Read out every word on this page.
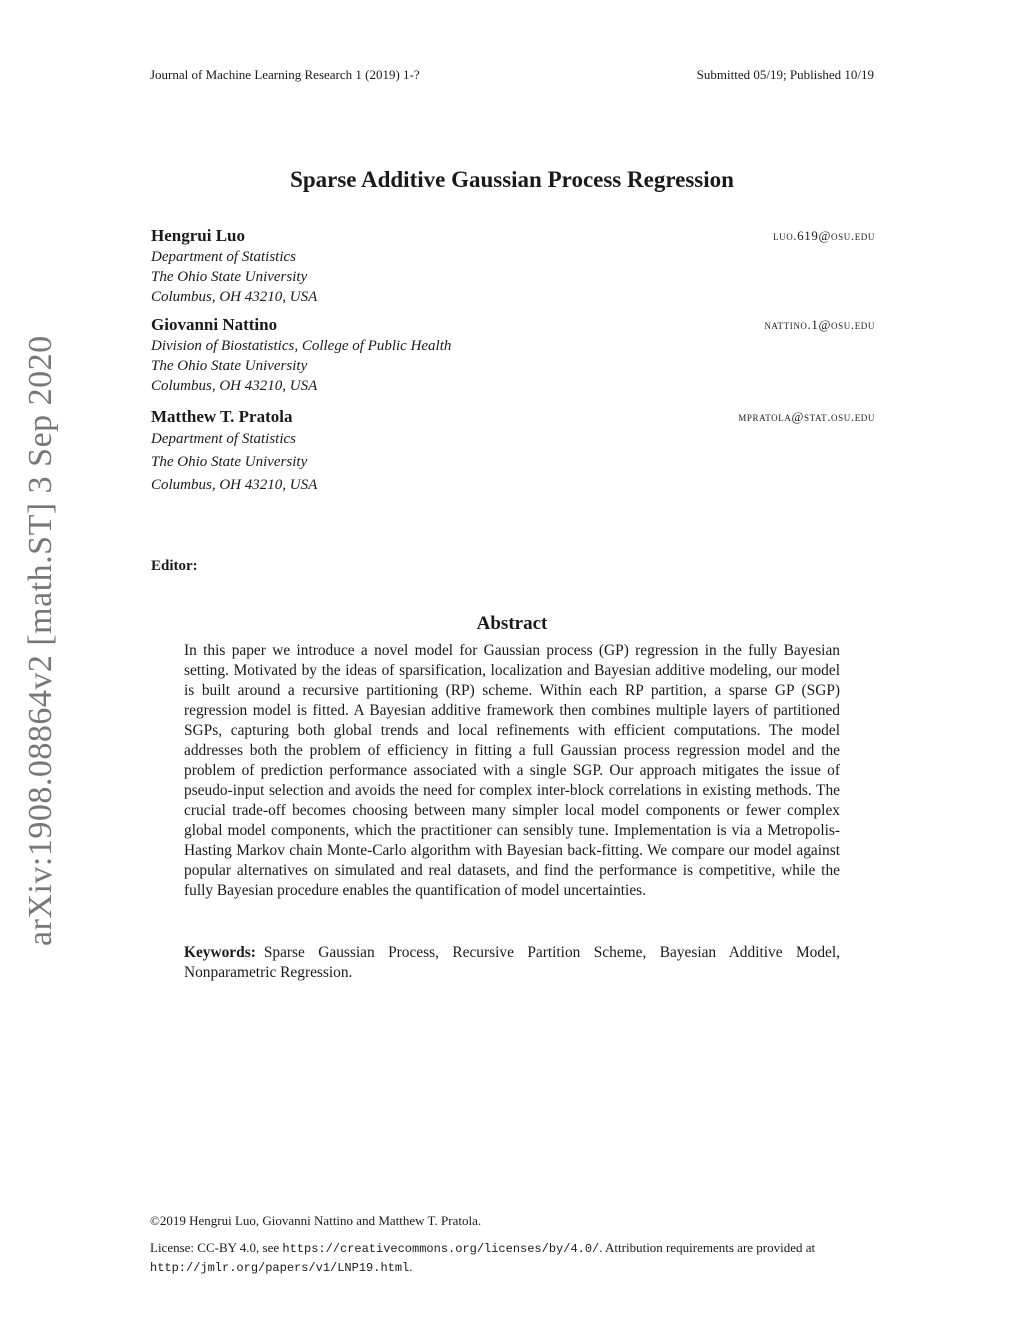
Journal of Machine Learning Research 1 (2019) 1-?	Submitted 05/19; Published 10/19
Sparse Additive Gaussian Process Regression
Hengrui Luo	luo.619@osu.edu
Department of Statistics
The Ohio State University
Columbus, OH 43210, USA
Giovanni Nattino	nattino.1@osu.edu
Division of Biostatistics, College of Public Health
The Ohio State University
Columbus, OH 43210, USA
Matthew T. Pratola	mpratola@stat.osu.edu
Department of Statistics
The Ohio State University
Columbus, OH 43210, USA
Editor:
Abstract
In this paper we introduce a novel model for Gaussian process (GP) regression in the fully Bayesian setting. Motivated by the ideas of sparsification, localization and Bayesian additive modeling, our model is built around a recursive partitioning (RP) scheme. Within each RP partition, a sparse GP (SGP) regression model is fitted. A Bayesian additive framework then combines multiple layers of partitioned SGPs, capturing both global trends and local refinements with efficient computations. The model addresses both the problem of efficiency in fitting a full Gaussian process regression model and the problem of prediction performance associated with a single SGP. Our approach mitigates the issue of pseudo-input selection and avoids the need for complex inter-block correlations in existing methods. The crucial trade-off becomes choosing between many simpler local model components or fewer complex global model components, which the practitioner can sensibly tune. Implementation is via a Metropolis-Hasting Markov chain Monte-Carlo algorithm with Bayesian back-fitting. We compare our model against popular alternatives on simulated and real datasets, and find the performance is competitive, while the fully Bayesian procedure enables the quantification of model uncertainties.
Keywords: Sparse Gaussian Process, Recursive Partition Scheme, Bayesian Additive Model, Nonparametric Regression.
©2019 Hengrui Luo, Giovanni Nattino and Matthew T. Pratola.
License: CC-BY 4.0, see https://creativecommons.org/licenses/by/4.0/. Attribution requirements are provided at http://jmlr.org/papers/v1/LNP19.html.
arXiv:1908.08864v2 [math.ST] 3 Sep 2020
